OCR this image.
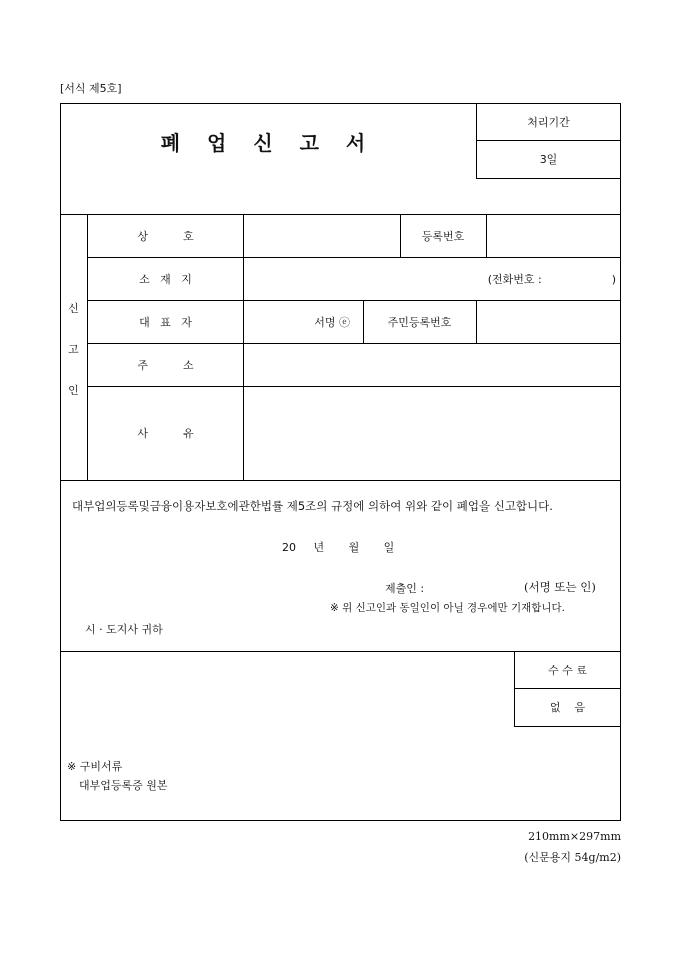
[서식 제5호]
폐 업 신 고 서
처리기간
3일
신
고
인
상          호	등록번호
소   재   지	(전화번호 :                    )
대   표   자	서명 ⓔ	주민등록번호
주          소
사          유
대부업의등록및금융이용자보호에관한법률 제5조의 규정에 의하여 위와 같이 폐업을 신고합니다.
20     년       월       일
제출인 :	(서명 또는 인)
※ 위 신고인과 동일인이 아닐 경우에만 기재합니다.
시 · 도지사 귀하
수 수 료
없    음
※ 구비서류
대부업등록증 원본
210mm×297mm
(신문용지 54g/m2)
